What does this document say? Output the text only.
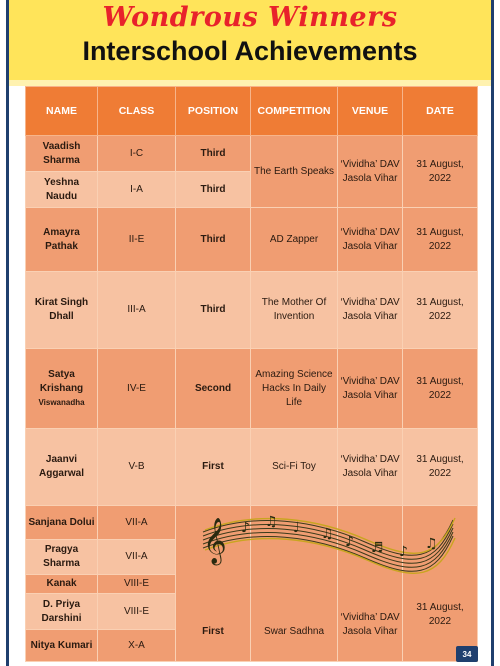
Wondrous Winners
Interschool Achievements
NAME	CLASS	POSITION	COMPETITION	VENUE	DATE
Vaadish Sharma	I-C	Third	The Earth Speaks	‘Vividha’ DAV Jasola Vihar	31 August, 2022
Yeshna Naudu	I-A	Third			
Amayra Pathak	II-E	Third	AD Zapper	‘Vividha’ DAV Jasola Vihar	31 August, 2022
Kirat Singh Dhall	III-A	Third	The Mother Of Invention	‘Vividha’ DAV Jasola Vihar	31 August, 2022

Satya Krishang
Viswanadha	IV-E	Second	Amazing Science Hacks In Daily Life	‘Vividha’ DAV Jasola Vihar	31 August, 2022
Jaanvi Aggarwal	V-B	First	Sci-Fi Toy	‘Vividha’ DAV Jasola Vihar	31 August, 2022
Sanjana Dolui	VII-A	First	Swar Sadhna	‘Vividha’ DAV Jasola Vihar	31 August, 2022
Pragya Sharma	VII-A				
Kanak	VIII-E				
D. Priya Darshini	VIII-E				
Nitya Kumari	X-A				
𝄞 ♪ ♫ ♩ ♫ ♪ ♬ ♪ ♫
34
